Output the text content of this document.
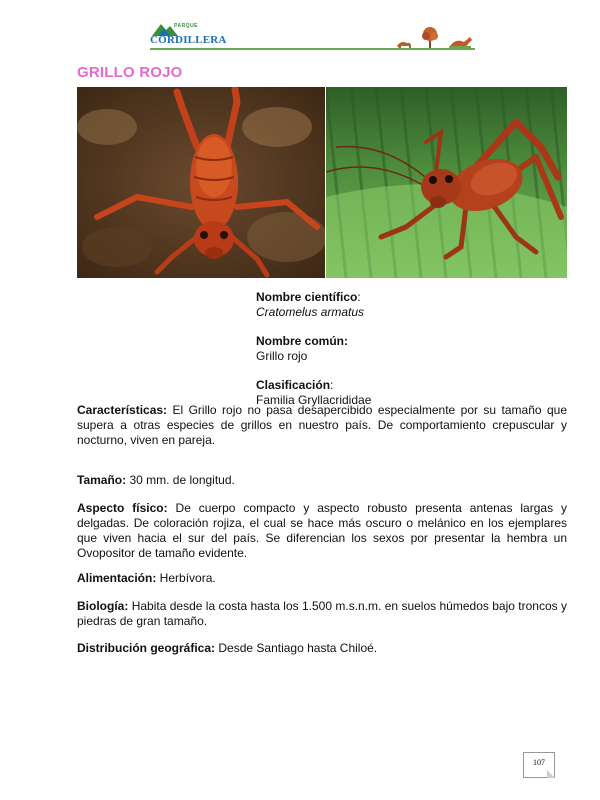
PARQUE
CORDILLERA
GRILLO ROJO
Nombre científico:
Cratomelus armatus
Nombre común:
Grillo rojo
Clasificación:
Familia Gryllacrididae

Características: El Grillo rojo no pasa desapercibido especialmente por su tamaño que supera a otras especies de grillos en nuestro país. De comportamiento crepuscular y nocturno, viven en pareja.

Tamaño: 30 mm. de longitud.

Aspecto físico: De cuerpo compacto y aspecto robusto presenta antenas largas y delgadas. De coloración rojiza, el cual se hace más oscuro o melánico en los ejemplares que viven hacia el sur del país. Se diferencian los sexos por presentar la hembra un Ovopositor de tamaño evidente.

Alimentación: Herbívora.

Biología: Habita desde la costa hasta los 1.500 m.s.n.m. en suelos húmedos bajo troncos y piedras de gran tamaño.

Distribución geográfica: Desde Santiago hasta Chiloé.

107
